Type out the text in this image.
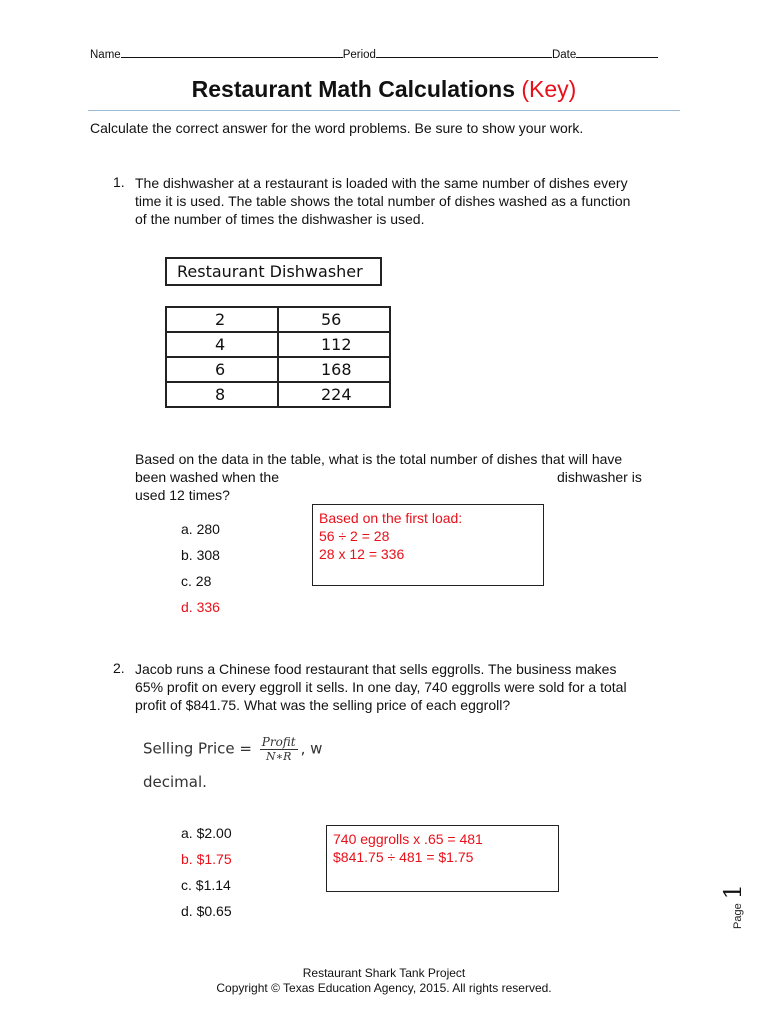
Name	Period	Date
Restaurant Math Calculations (Key)
Calculate the correct answer for the word problems. Be sure to show your work.
1. The dishwasher at a restaurant is loaded with the same number of dishes every
time it is used. The table shows the total number of dishes washed as a function
of the number of times the dishwasher is used.
Restaurant Dishwasher
2	56
4	112
6	168
8	224
Based on the data in the table, what is the total number of dishes that will have
been washed when the	dishwasher is
used 12 times?
a. 280
b. 308
c. 28
d. 336
Based on the first load:
56 ÷ 2 = 28
28 x 12 = 336
2. Jacob runs a Chinese food restaurant that sells eggrolls. The business makes
65% profit on every eggroll it sells. In one day, 740 eggrolls were sold for a total
profit of $841.75. What was the selling price of each eggroll?
Selling Price = $\frac{\text{Profit}}{N∗R}$ , w
decimal.
a. $2.00
b. $1.75
c. $1.14
d. $0.65
740 eggrolls x .65 = 481
$841.75 ÷ 481 = $1.75
Page 1
Restaurant Shark Tank Project
Copyright © Texas Education Agency, 2015. All rights reserved.
